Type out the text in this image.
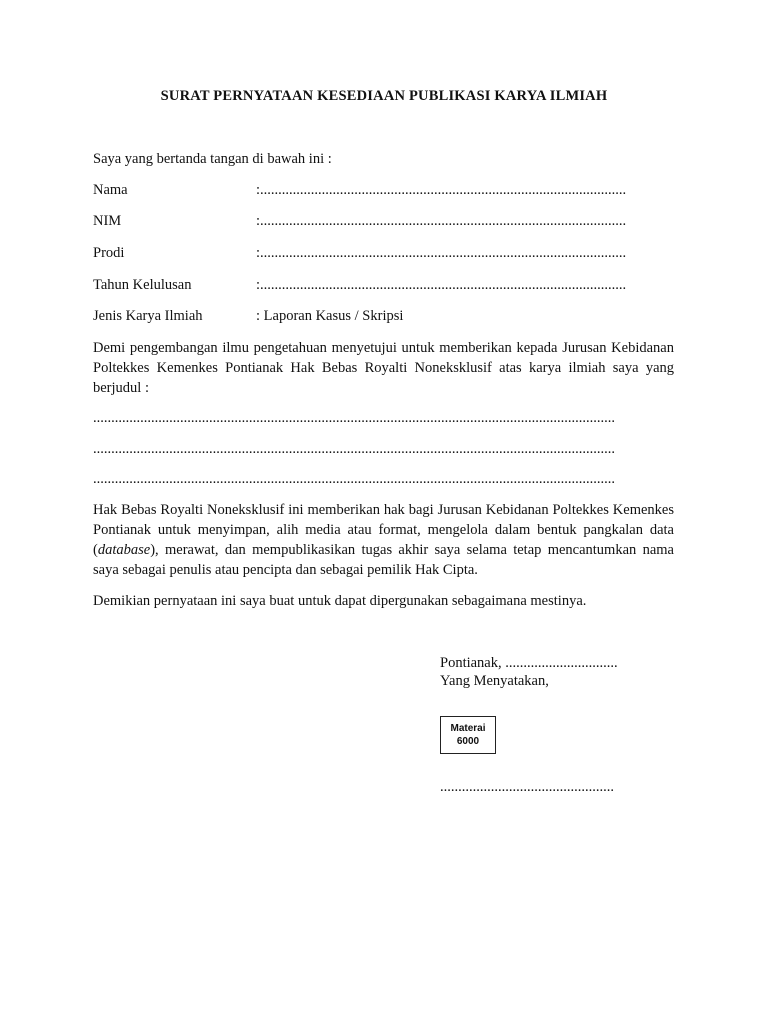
SURAT PERNYATAAN KESEDIAAN PUBLIKASI KARYA ILMIAH
Saya yang bertanda tangan di bawah ini :
Nama	:.....................................................................................................
NIM	:.....................................................................................................
Prodi	:.....................................................................................................
Tahun Kelulusan	:.....................................................................................................
Jenis Karya Ilmiah	: Laporan Kasus / Skripsi
Demi pengembangan ilmu pengetahuan menyetujui untuk memberikan kepada Jurusan Kebidanan Poltekkes Kemenkes Pontianak Hak Bebas Royalti Noneksklusif atas karya ilmiah saya yang berjudul :
................................................................................................................................................
................................................................................................................................................
................................................................................................................................................
Hak Bebas Royalti Noneksklusif ini memberikan hak bagi Jurusan Kebidanan Poltekkes Kemenkes Pontianak untuk menyimpan, alih media atau format, mengelola dalam bentuk pangkalan data (database), merawat, dan mempublikasikan tugas akhir saya selama tetap mencantumkan nama saya sebagai penulis atau pencipta dan sebagai pemilik Hak Cipta.
Demikian pernyataan ini saya buat untuk dapat dipergunakan sebagaimana mestinya.
Pontianak, ...............................
Yang Menyatakan,
Materai
6000
................................................
